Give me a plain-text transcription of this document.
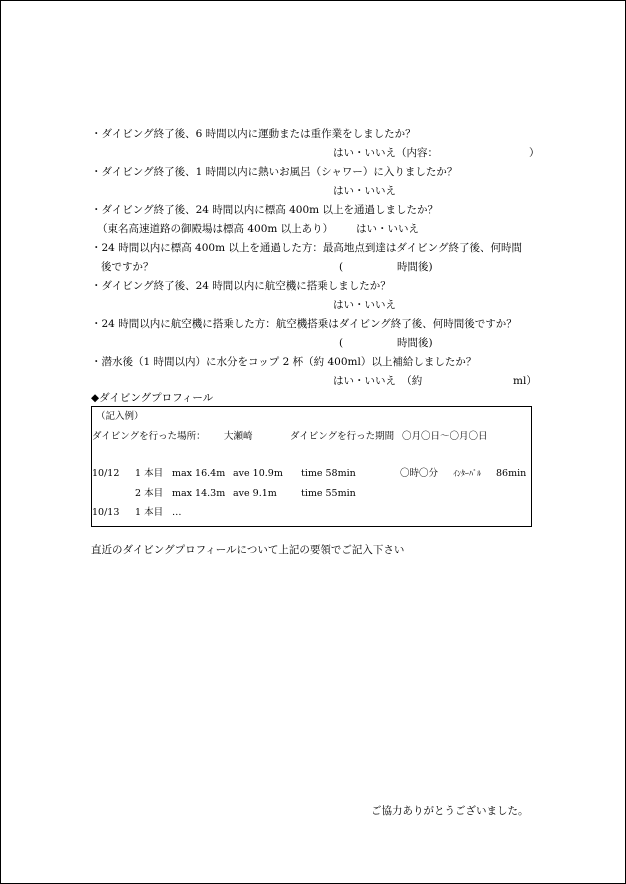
・ダイビング終了後、6 時間以内に運動または重作業をしましたか？
はい・いいえ（内容：	）
・ダイビング終了後、1 時間以内に熱いお風呂（シャワー）に入りましたか？
はい・いいえ
・ダイビング終了後、24 時間以内に標高 400m 以上を通過しましたか？
（東名高速道路の御殿場は標高 400m 以上あり） はい・いいえ
・24 時間以内に標高 400m 以上を通過した方：最高地点到達はダイビング終了後、何時間
後ですか？	(	時間後)
・ダイビング終了後、24 時間以内に航空機に搭乗しましたか？
はい・いいえ
・24 時間以内に航空機に搭乗した方：航空機搭乗はダイビング終了後、何時間後ですか？
(	時間後)
・潜水後（1 時間以内）に水分をコップ 2 杯（約 400ml）以上補給しましたか？
はい・いいえ　（約	ml）
◆ダイビングプロフィール
（記入例）
ダイビングを行った場所： 大瀬崎	ダイビングを行った期間 〇月〇日～〇月〇日
10/12 1 本目 max 16.4m ave 10.9m time 58min	〇時〇分 ｲﾝﾀｰﾊﾞﾙ 86min
2 本目 max 14.3m ave 9.1m	time 55min
10/13 1 本目 …
直近のダイビングプロフィールについて上記の要領でご記入下さい
ご協力ありがとうございました。
